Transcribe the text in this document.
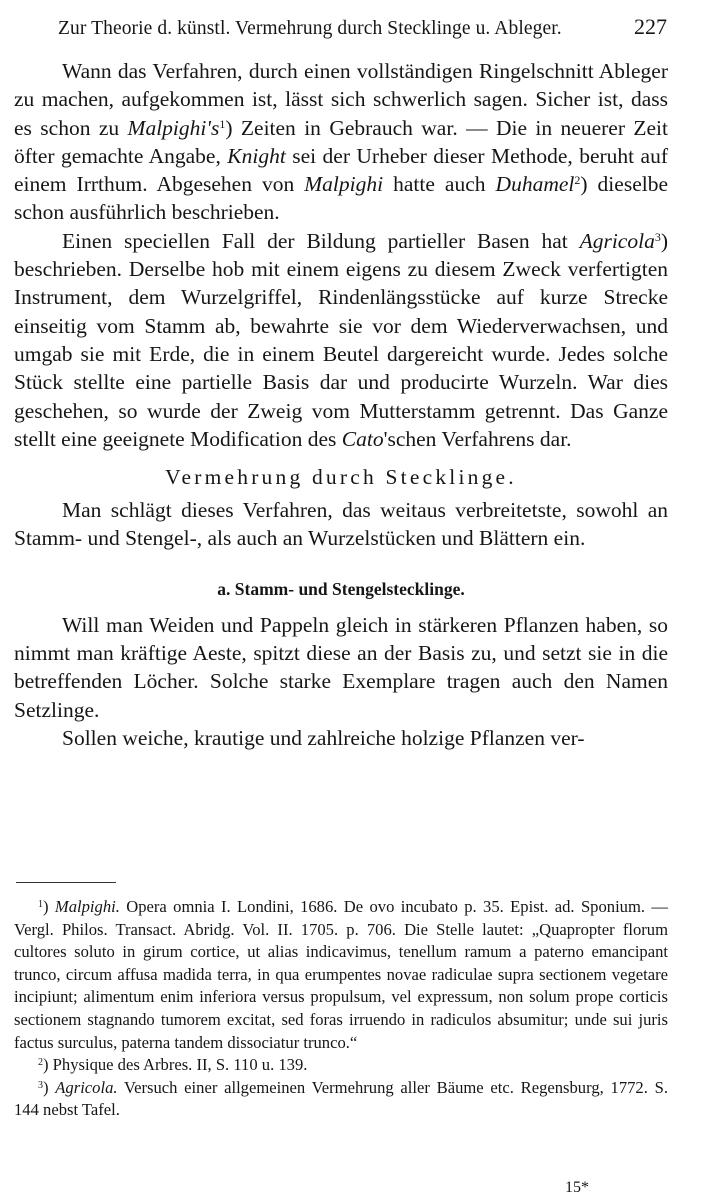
Zur Theorie d. künstl. Vermehrung durch Stecklinge u. Ableger.	227

Wann das Verfahren, durch einen vollständigen Ringelschnitt Ableger zu machen, aufgekommen ist, lässt sich schwerlich sagen. Sicher ist, dass es schon zu $Malpighi's^1$) Zeiten in Gebrauch war. — Die in neuerer Zeit öfter gemachte Angabe, Knight sei der Urheber dieser Methode, beruht auf einem Irrthum. Abgesehen von Malpighi hatte auch Duhamel$^2$) dieselbe schon ausführlich beschrieben.

Einen speciellen Fall der Bildung partieller Basen hat Agricola$^3$) beschrieben. Derselbe hob mit einem eigens zu diesem Zweck verfertigten Instrument, dem Wurzelgriffel, Rindenlängsstücke auf kurze Strecke einseitig vom Stamm ab, bewahrte sie vor dem Wiederverwachsen, und umgab sie mit Erde, die in einem Beutel dargereicht wurde. Jedes solche Stück stellte eine partielle Basis dar und producirte Wurzeln. War dies geschehen, so wurde der Zweig vom Mutterstamm getrennt. Das Ganze stellt eine geeignete Modification des Cato'schen Verfahrens dar.

Vermehrung durch Stecklinge.

Man schlägt dieses Verfahren, das weitaus verbreitetste, sowohl an Stamm- und Stengel-, als auch an Wurzelstücken und Blättern ein.

a. Stamm- und Stengelstecklinge.

Will man Weiden und Pappeln gleich in stärkeren Pflanzen haben, so nimmt man kräftige Aeste, spitzt diese an der Basis zu, und setzt sie in die betreffenden Löcher. Solche starke Exemplare tragen auch den Namen Setzlinge.

Sollen weiche, krautige und zahlreiche holzige Pflanzen ver-

$^1$) Malpighi. Opera omnia I. Londini, 1686. De ovo incubato p. 35. Epist. ad. Sponium. — Vergl. Philos. Transact. Abridg. Vol. II. 1705. p. 706. Die Stelle lautet: „Quapropter florum cultores soluto in girum cortice, ut alias indicavimus, tenellum ramum a paterno emancipant trunco, circum affusa madida terra, in qua erumpentes novae radiculae supra sectionem vegetare incipiunt; alimentum enim inferiora versus propulsum, vel expressum, non solum prope corticis sectionem stagnando tumorem excitat, sed foras irruendo in radiculos absumitur; unde sui juris factus surculus, paterna tandem dissociatur trunco.“

$^2$) Physique des Arbres. II, S. 110 u. 139.

$^3$) Agricola. Versuch einer allgemeinen Vermehrung aller Bäume etc. Regensburg, 1772. S. 144 nebst Tafel.

15*
